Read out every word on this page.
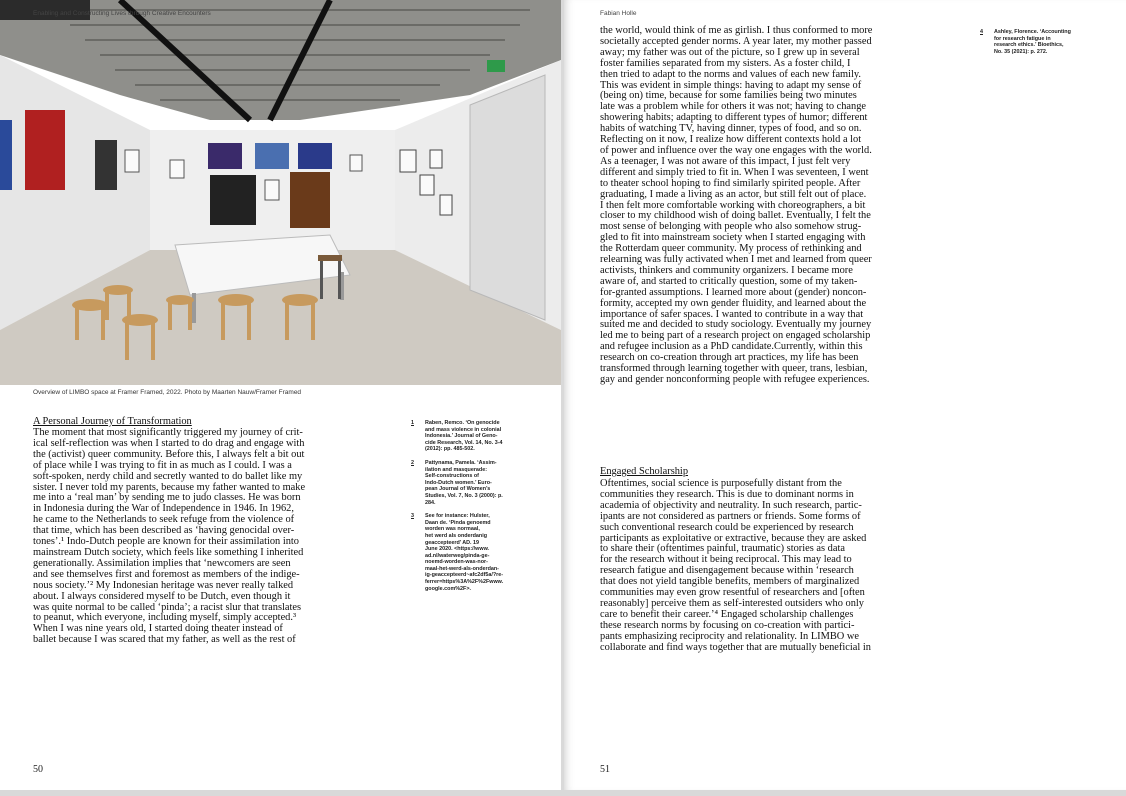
Enabling and Constructing Lives through Creative Encounters
Overview of LIMBO space at Framer Framed, 2022. Photo by Maarten Nauw/Framer Framed
A Personal Journey of Transformation
The moment that most significantly triggered my journey of crit-
ical self-reflection was when I started to do drag and engage with
the (activist) queer community. Before this, I always felt a bit out
of place while I was trying to fit in as much as I could. I was a
soft-spoken, nerdy child and secretly wanted to do ballet like my
sister. I never told my parents, because my father wanted to make
me into a ‘real man’ by sending me to judo classes. He was born
in Indonesia during the War of Independence in 1946. In 1962,
he came to the Netherlands to seek refuge from the violence of
that time, which has been described as ‘having genocidal over-
tones’.¹ Indo-Dutch people are known for their assimilation into
mainstream Dutch society, which feels like something I inherited
generationally. Assimilation implies that ‘newcomers are seen
and see themselves first and foremost as members of the indige-
nous society.’² My Indonesian heritage was never really talked
about. I always considered myself to be Dutch, even though it
was quite normal to be called ‘pinda’; a racist slur that translates
to peanut, which everyone, including myself, simply accepted.³
When I was nine years old, I started doing theater instead of
ballet because I was scared that my father, as well as the rest of
1	Raben, Remco. ‘On genocide
and mass violence in colonial
Indonesia.’ Journal of Geno-
cide Research, Vol. 14, No. 3-4
(2012): pp. 485-502.
2	Pattynama, Pamela. ‘Assim-
ilation and masquerade:
Self-constructions of
Indo-Dutch women.’ Euro-
pean Journal of Women’s
Studies, Vol. 7, No. 3 (2000): p.
284.
3	See for instance: Hulster,
Daan de. ‘Pinda genoemd
worden was normaal,
het werd als onderdanig
geaccepteerd’ AD. 19
June 2020. <https://www.
ad.nl/waterweg/pinda-ge-
noemd-worden-was-nor-
maal-het-werd-als-onderdan-
ig-geaccepteerd~afc2df5a/?re-
ferrer=https%3A%2F%2Fwww.
google.com%2F>.
50
Fabian Holle
the world, would think of me as girlish. I thus conformed to more
societally accepted gender norms. A year later, my mother passed
away; my father was out of the picture, so I grew up in several
foster families separated from my sisters. As a foster child, I
then tried to adapt to the norms and values of each new family.
This was evident in simple things: having to adapt my sense of
(being on) time, because for some families being two minutes
late was a problem while for others it was not; having to change
showering habits; adapting to different types of humor; different
habits of watching TV, having dinner, types of food, and so on.
Reflecting on it now, I realize how different contexts hold a lot
of power and influence over the way one engages with the world.
As a teenager, I was not aware of this impact, I just felt very
different and simply tried to fit in. When I was seventeen, I went
to theater school hoping to find similarly spirited people. After
graduating, I made a living as an actor, but still felt out of place.
I then felt more comfortable working with choreographers, a bit
closer to my childhood wish of doing ballet. Eventually, I felt the
most sense of belonging with people who also somehow strug-
gled to fit into mainstream society when I started engaging with
the Rotterdam queer community. My process of rethinking and
relearning was fully activated when I met and learned from queer
activists, thinkers and community organizers. I became more
aware of, and started to critically question, some of my taken-
for-granted assumptions. I learned more about (gender) noncon-
formity, accepted my own gender fluidity, and learned about the
importance of safer spaces. I wanted to contribute in a way that
suited me and decided to study sociology. Eventually my journey
led me to being part of a research project on engaged scholarship
and refugee inclusion as a PhD candidate.Currently, within this
research on co-creation through art practices, my life has been
transformed through learning together with queer, trans, lesbian,
gay and gender nonconforming people with refugee experiences.
Engaged Scholarship
Oftentimes, social science is purposefully distant from the
communities they research. This is due to dominant norms in
academia of objectivity and neutrality. In such research, partic-
ipants are not considered as partners or friends. Some forms of
such conventional research could be experienced by research
participants as exploitative or extractive, because they are asked
to share their (oftentimes painful, traumatic) stories as data
for the research without it being reciprocal. This may lead to
research fatigue and disengagement because within ‘research
that does not yield tangible benefits, members of marginalized
communities may even grow resentful of researchers and [often
reasonably] perceive them as self-interested outsiders who only
care to benefit their career.’⁴ Engaged scholarship challenges
these research norms by focusing on co-creation with partici-
pants emphasizing reciprocity and relationality. In LIMBO we
collaborate and find ways together that are mutually beneficial in
4	Ashley, Florence. ‘Accounting
for research fatigue in
research ethics.’ Bioethics,
No. 35 (2021): p. 272.
51
